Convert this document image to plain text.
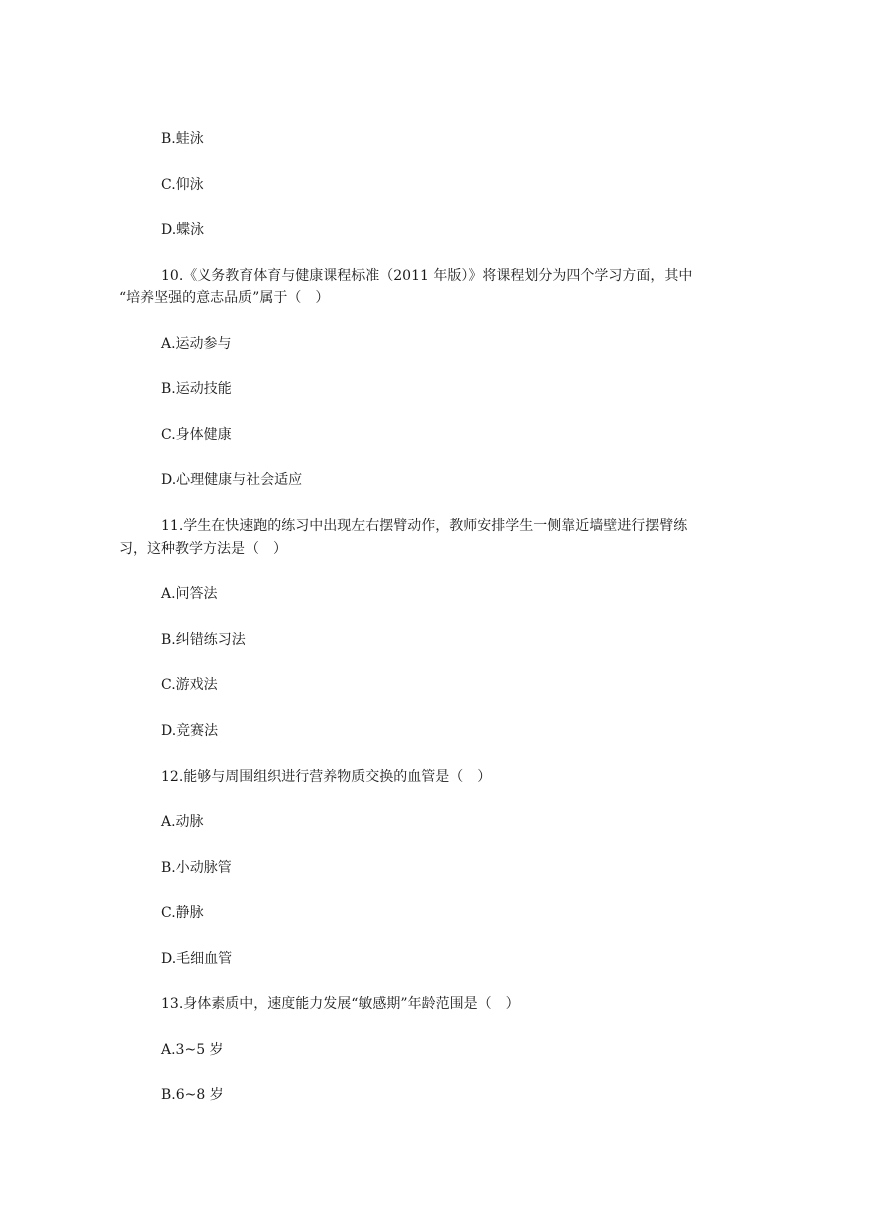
B.蛙泳
C.仰泳
D.蝶泳
10.《义务教育体育与健康课程标准（2011 年版）》将课程划分为四个学习方面，其中
“培养坚强的意志品质”属于（　）
A.运动参与
B.运动技能
C.身体健康
D.心理健康与社会适应
11.学生在快速跑的练习中出现左右摆臂动作，教师安排学生一侧靠近墙壁进行摆臂练
习，这种教学方法是（　）
A.问答法
B.纠错练习法
C.游戏法
D.竞赛法
12.能够与周围组织进行营养物质交换的血管是（　）
A.动脉
B.小动脉管
C.静脉
D.毛细血管
13.身体素质中，速度能力发展“敏感期”年龄范围是（　）
A.3~5 岁
B.6~8 岁
